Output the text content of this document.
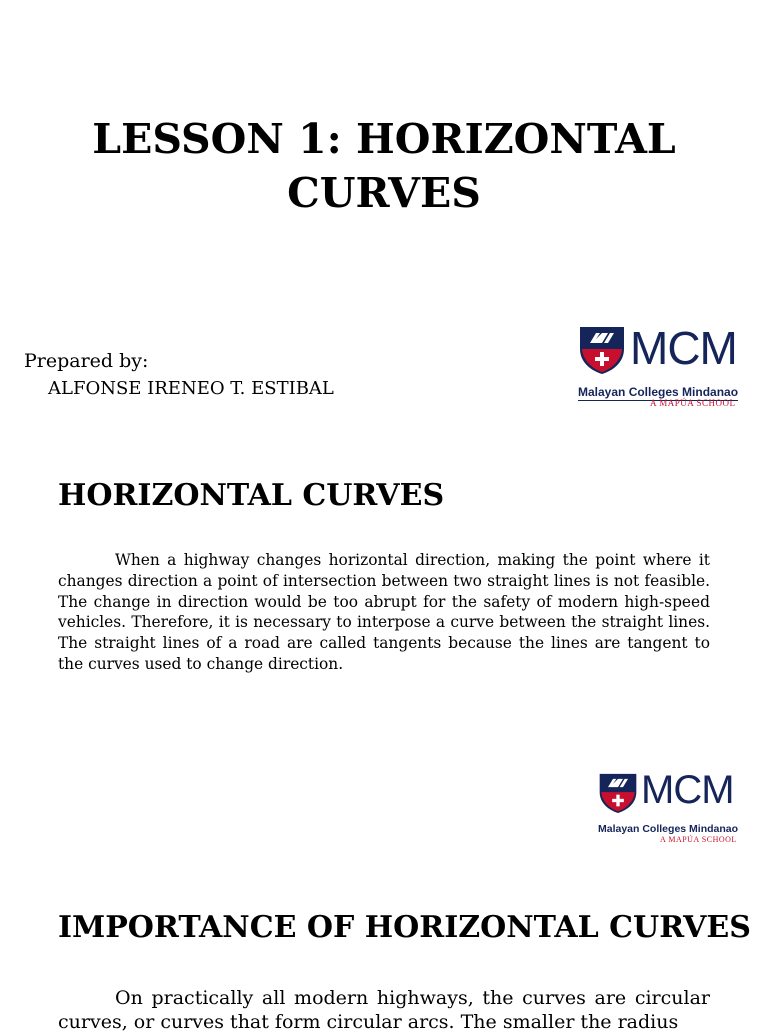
LESSON 1: HORIZONTAL CURVES
Prepared by:
ALFONSE IRENEO T. ESTIBAL
MCM
Malayan Colleges Mindanao
A MAPÚA SCHOOL
HORIZONTAL CURVES
When a highway changes horizontal direction, making the point where it changes direction a point of intersection between two straight lines is not feasible. The change in direction would be too abrupt for the safety of modern high-speed vehicles. Therefore, it is necessary to interpose a curve between the straight lines. The straight lines of a road are called tangents because the lines are tangent to the curves used to change direction.
MCM
Malayan Colleges Mindanao
A MAPÚA SCHOOL
IMPORTANCE OF HORIZONTAL CURVES
On practically all modern highways, the curves are circular curves, or curves that form circular arcs. The smaller the radius
